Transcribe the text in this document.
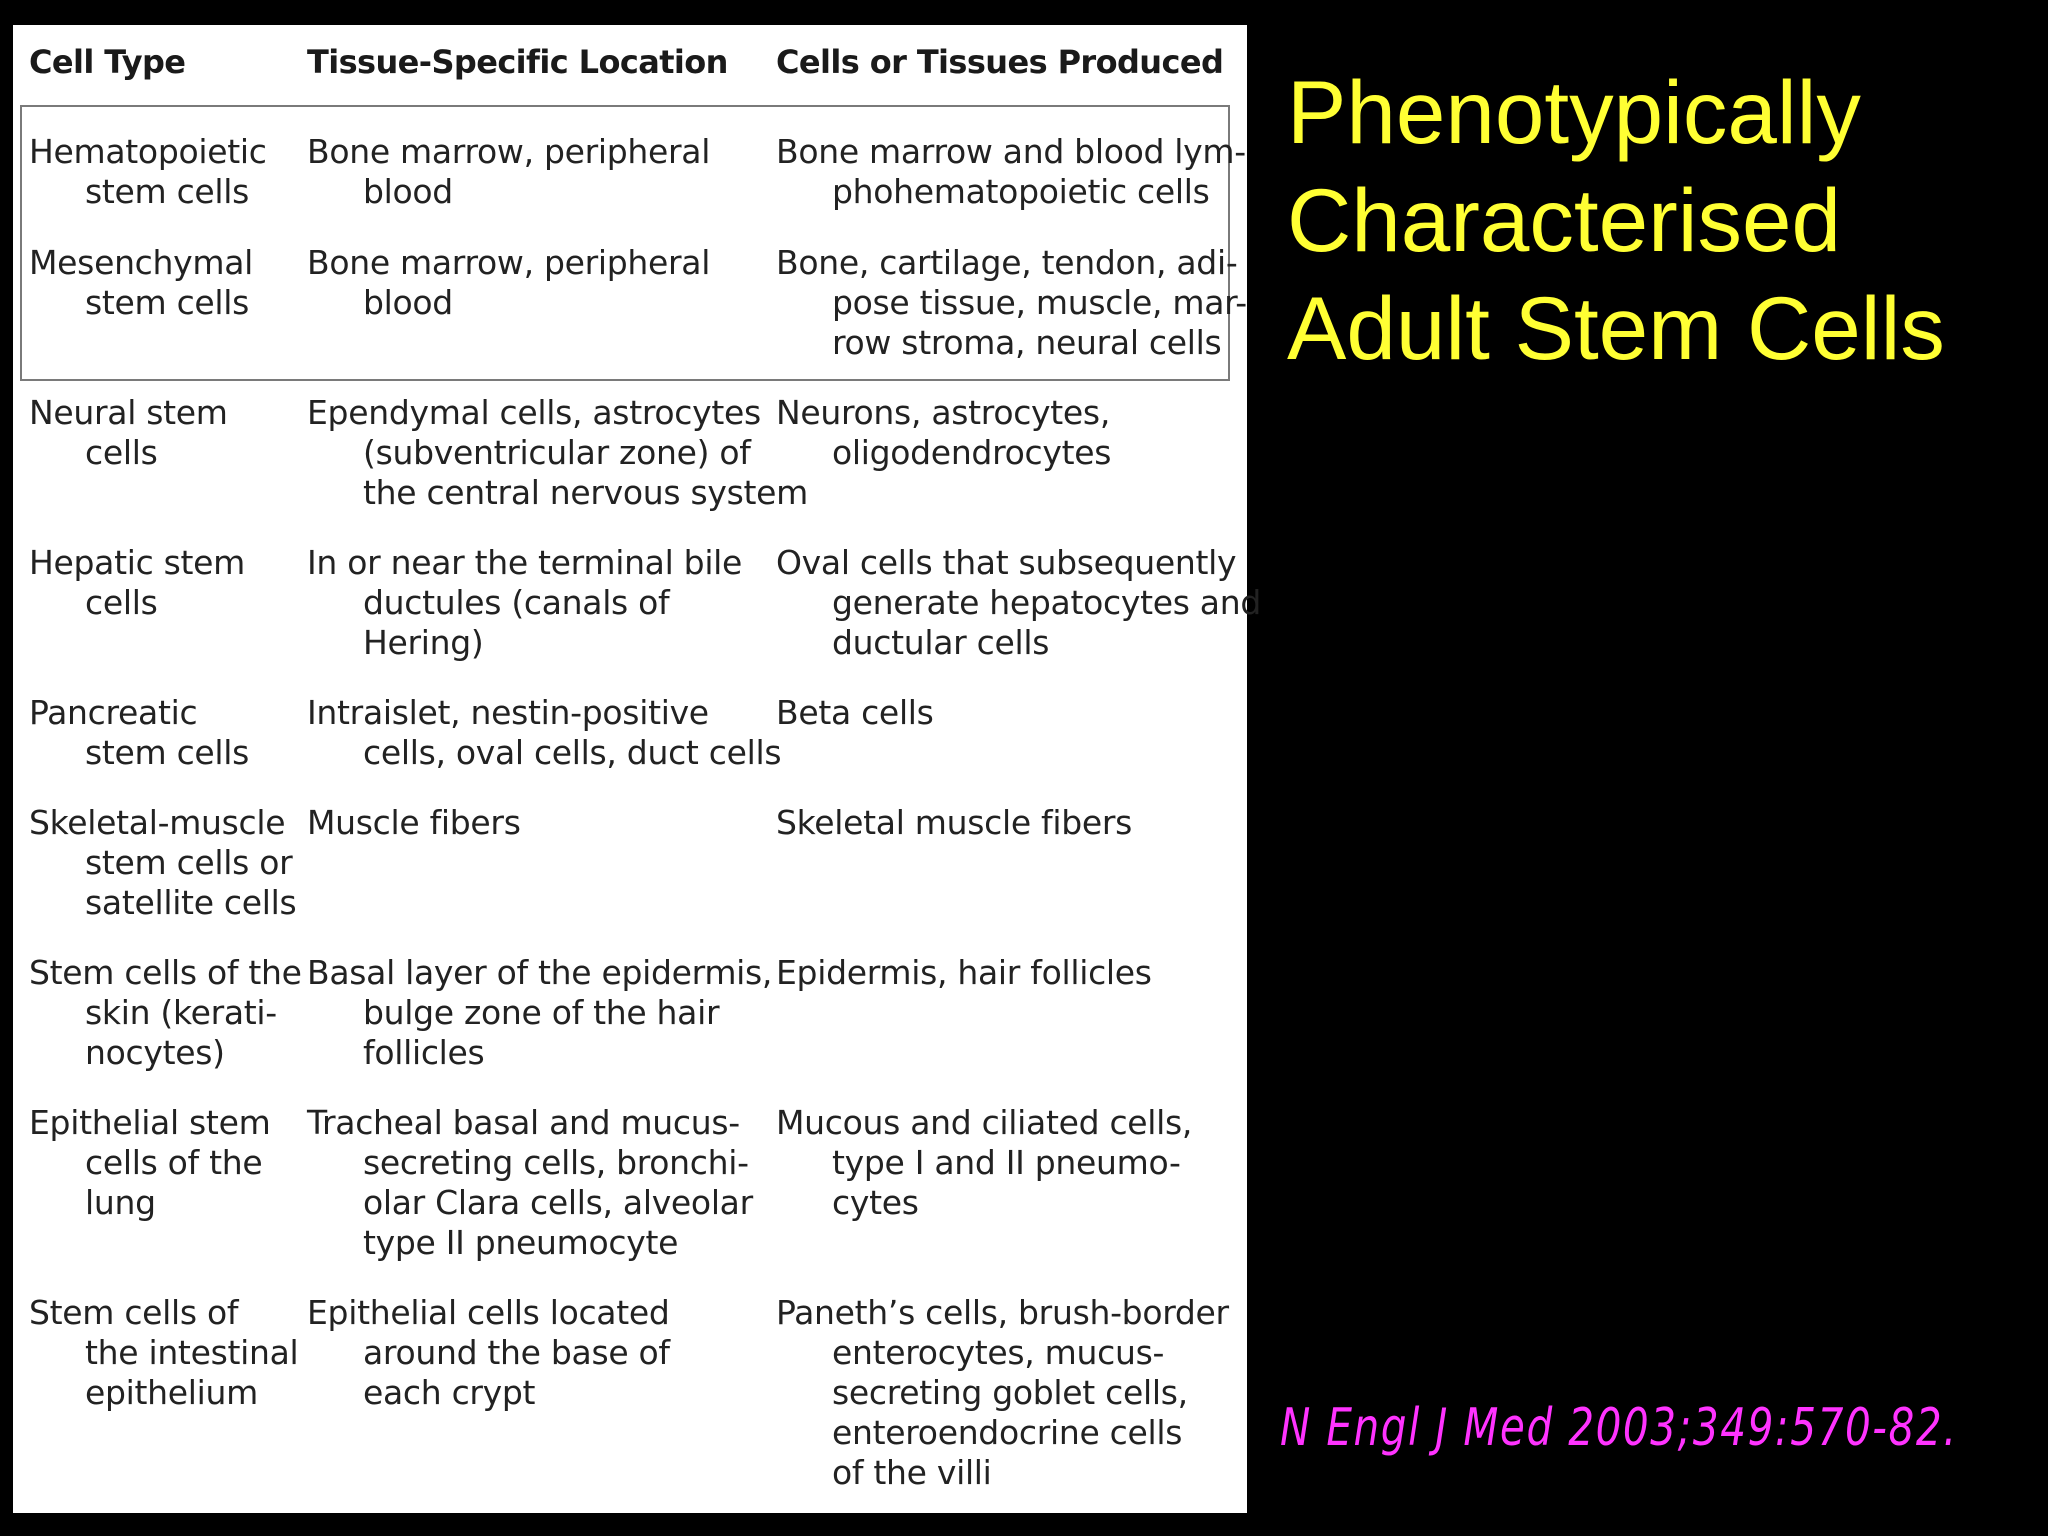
Cell Type	Tissue-Specific Location Cells or Tissues Produced
Hematopoietic
stem cells
Bone marrow, peripheral
blood
Bone marrow and blood lym-
phohematopoietic cells
Mesenchymal
stem cells
Bone marrow, peripheral
blood
Bone, cartilage, tendon, adi-
pose tissue, muscle, mar-
row stroma, neural cells
Neural stem
cells
Ependymal cells, astrocytes
(subventricular zone) of
the central nervous system
Neurons, astrocytes,
oligodendrocytes
Hepatic stem
cells
In or near the terminal bile
ductules (canals of
Hering)
Oval cells that subsequently
generate hepatocytes and
ductular cells
Pancreatic
stem cells
Intraislet, nestin-positive
cells, oval cells, duct cells
Beta cells
Skeletal-muscle
stem cells or
satellite cells
Muscle fibers	Skeletal muscle fibers
Stem cells of the
skin (kerati-
nocytes)
Basal layer of the epidermis,
bulge zone of the hair
follicles
Epidermis, hair follicles
Epithelial stem
cells of the
lung
Tracheal basal and mucus-
secreting cells, bronchi-
olar Clara cells, alveolar
type II pneumocyte
Mucous and ciliated cells,
type I and II pneumo-
cytes
Stem cells of
the intestinal
epithelium
Epithelial cells located
around the base of
each crypt
Paneth’s cells, brush-border
enterocytes, mucus-
secreting goblet cells,
enteroendocrine cells
of the villi
Phenotypically
Characterised
Adult Stem Cells
N Engl J Med 2003;349:570-82.
